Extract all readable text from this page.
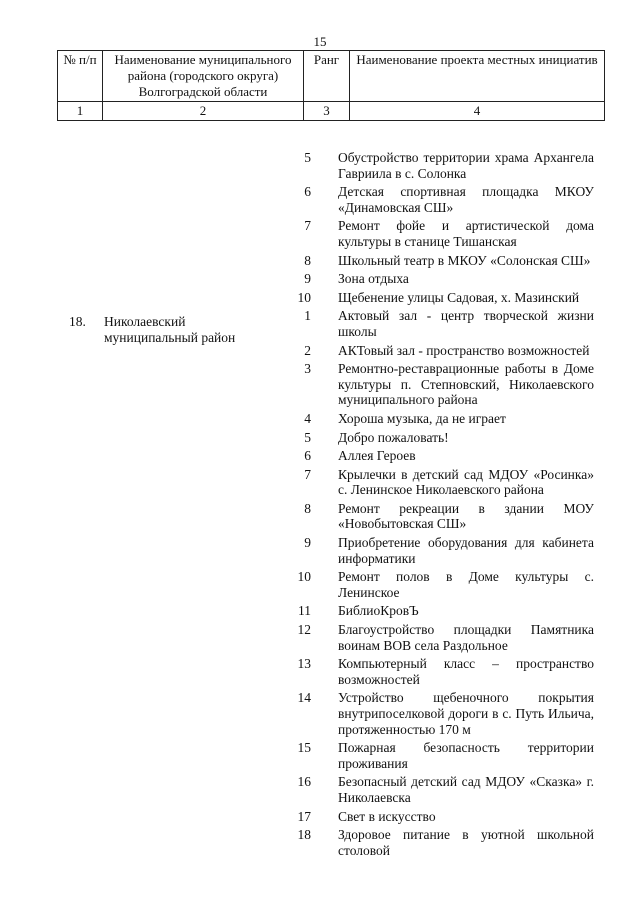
15
№ п/п	Наименование муниципального района (городского округа) Волгоградской области	Ранг	Наименование проекта местных инициатив
1	2	3	4
18. Николаевский муниципальный район
5 Обустройство территории храма Архангела Гавриила в с. Солонка
6 Детская спортивная площадка МКОУ «Динамовская СШ»
7 Ремонт фойе и артистической дома культуры в станице Тишанская
8 Школьный театр в МКОУ «Солонская СШ»
9 Зона отдыха
10 Щебенение улицы Садовая, х. Мазинский
1 Актовый зал - центр творческой жизни школы
2 АКТовый зал - пространство возможностей
3 Ремонтно-реставрационные работы в Доме культуры п. Степновский, Николаевского муниципального района
4 Хороша музыка, да не играет
5 Добро пожаловать!
6 Аллея Героев
7 Крылечки в детский сад МДОУ «Росинка» с. Ленинское Николаевского района
8 Ремонт рекреации в здании МОУ «Новобытовская СШ»
9 Приобретение оборудования для кабинета информатики
10 Ремонт полов в Доме культуры с. Ленинское
11 БиблиоКровЪ
12 Благоустройство площадки Памятника воинам ВОВ села Раздольное
13 Компьютерный класс – пространство возможностей
14 Устройство щебеночного покрытия внутрипоселковой дороги в с. Путь Ильича, протяженностью 170 м
15 Пожарная безопасность территории проживания
16 Безопасный детский сад МДОУ «Сказка» г. Николаевска
17 Свет в искусство
18 Здоровое питание в уютной школьной столовой
